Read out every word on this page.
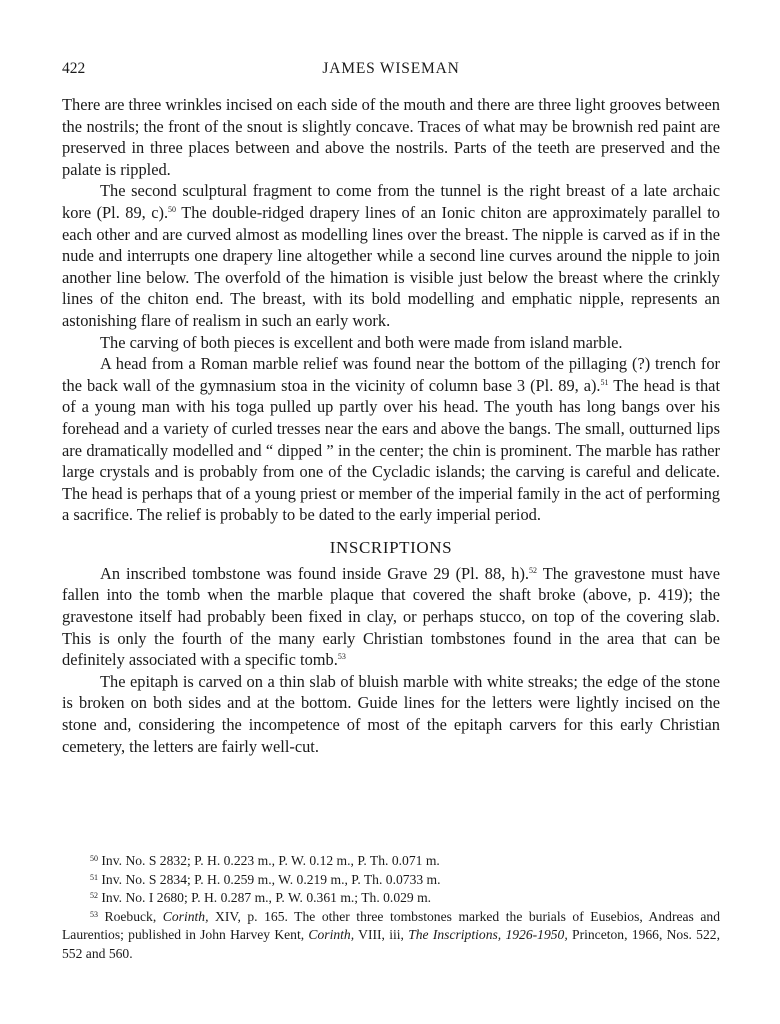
422	JAMES WISEMAN

There are three wrinkles incised on each side of the mouth and there are three light grooves between the nostrils; the front of the snout is slightly concave. Traces of what may be brownish red paint are preserved in three places between and above the nostrils. Parts of the teeth are preserved and the palate is rippled.

The second sculptural fragment to come from the tunnel is the right breast of a late archaic kore (Pl. 89, c).$^{50}$ The double-ridged drapery lines of an Ionic chiton are approximately parallel to each other and are curved almost as modelling lines over the breast. The nipple is carved as if in the nude and interrupts one drapery line altogether while a second line curves around the nipple to join another line below. The overfold of the himation is visible just below the breast where the crinkly lines of the chiton end. The breast, with its bold modelling and emphatic nipple, represents an astonishing flare of realism in such an early work.

The carving of both pieces is excellent and both were made from island marble.

A head from a Roman marble relief was found near the bottom of the pillaging (?) trench for the back wall of the gymnasium stoa in the vicinity of column base 3 (Pl. 89, a).$^{51}$ The head is that of a young man with his toga pulled up partly over his head. The youth has long bangs over his forehead and a variety of curled tresses near the ears and above the bangs. The small, outturned lips are dramatically modelled and “ dipped ” in the center; the chin is prominent. The marble has rather large crystals and is probably from one of the Cycladic islands; the carving is careful and delicate. The head is perhaps that of a young priest or member of the imperial family in the act of performing a sacrifice. The relief is probably to be dated to the early imperial period.

INSCRIPTIONS

An inscribed tombstone was found inside Grave 29 (Pl. 88, h).$^{52}$ The gravestone must have fallen into the tomb when the marble plaque that covered the shaft broke (above, p. 419); the gravestone itself had probably been fixed in clay, or perhaps stucco, on top of the covering slab. This is only the fourth of the many early Christian tombstones found in the area that can be definitely associated with a specific tomb.$^{53}$

The epitaph is carved on a thin slab of bluish marble with white streaks; the edge of the stone is broken on both sides and at the bottom. Guide lines for the letters were lightly incised on the stone and, considering the incompetence of most of the epitaph carvers for this early Christian cemetery, the letters are fairly well-cut.

$^{50}$ Inv. No. S 2832; P. H. 0.223 m., P. W. 0.12 m., P. Th. 0.071 m.

$^{51}$ Inv. No. S 2834; P. H. 0.259 m., W. 0.219 m., P. Th. 0.0733 m.

$^{52}$ Inv. No. I 2680; P. H. 0.287 m., P. W. 0.361 m.; Th. 0.029 m.

$^{53}$ Roebuck, Corinth, XIV, p. 165. The other three tombstones marked the burials of Eusebios, Andreas and Laurentios; published in John Harvey Kent, Corinth, VIII, iii, The Inscriptions, 1926-1950, Princeton, 1966, Nos. 522, 552 and 560.
